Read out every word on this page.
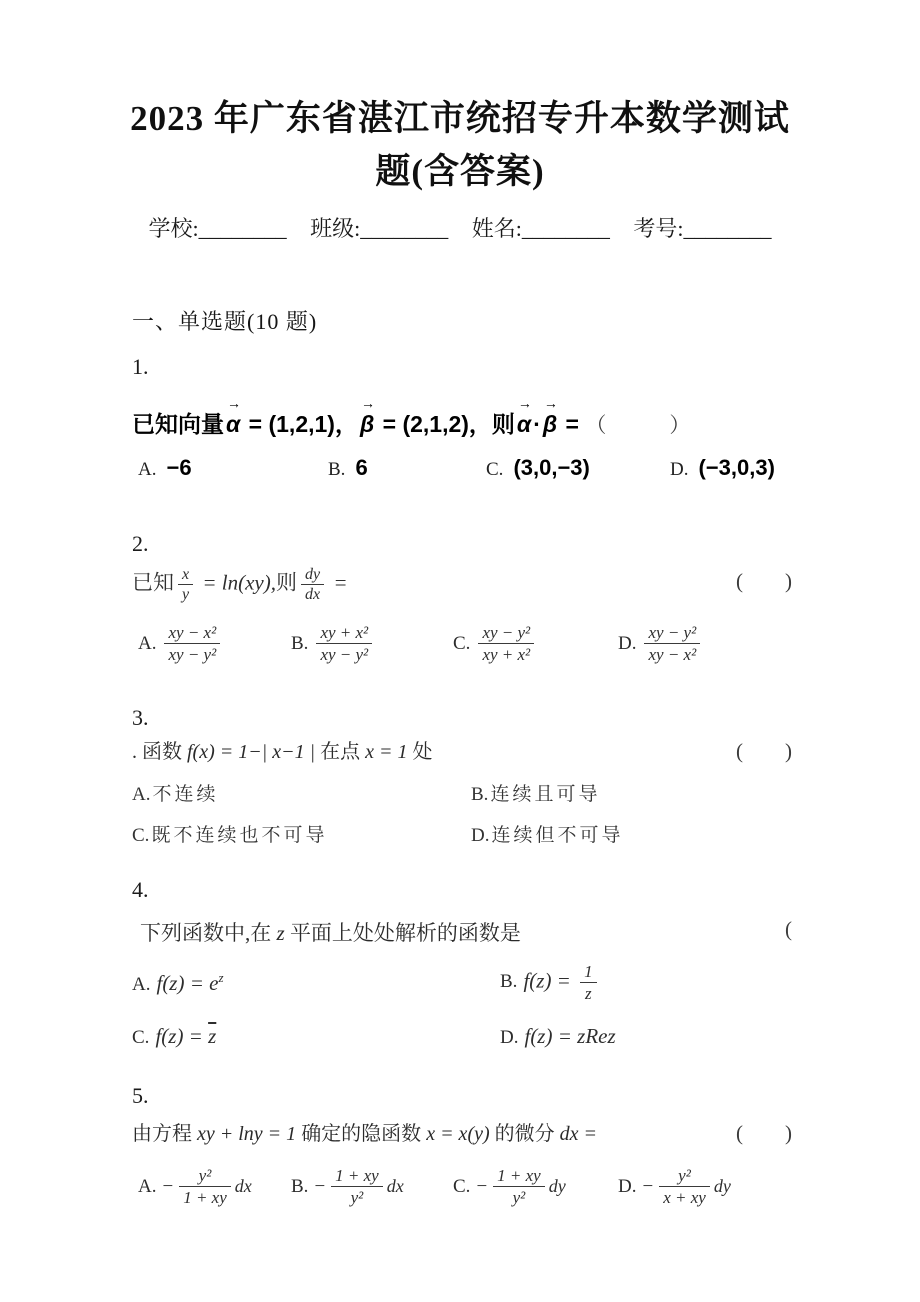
2023 年广东省湛江市统招专升本数学测试
题(含答案)
学校:________ 班级:________ 姓名:________ 考号:________
一、单选题(10 题)
1.
已知向量
→
α = (1,2,1)，
→
β = (2,1,2)，则
→
α·
→
β = （　　　）
A. −6	B. 6	C. (3,0,−3)	D. (−3,0,3)
2.
已知 $\frac{x}{y} = \ln(xy)$,则 $\frac{dy}{dx}$ =	(　　)
A. $\frac{\text{xy − x²}}{\text{xy − y²}}$	B. $\frac{\text{xy + x²}}{\text{xy − y²}}$	C. $\frac{\text{xy − y²}}{\text{xy + x²}}$	D. $\frac{\text{xy − y²}}{\text{xy − x²}}$
3.
. 函数 f(x) = 1−| x−1 | 在点 x = 1 处	(　　)
A. 不连续	B. 连续且可导
C. 既不连续也不可导	D. 连续但不可导
4.
下列函数中,在 z 平面上处处解析的函数是	(
A. $f(z) = e^z$	B. $f(z) = \frac{1}{z}$
C. $f(z) = \overline{z}$	D. f(z) = zRez
5.
由方程 xy + lny = 1 确定的隐函数 x = x(y) 的微分 dx =	(　　)
A. − $\frac{\text{y²}}{1 + xy}$ dx B. − $\frac{1 + xy}{\text{y²}}$ dx	C. − $\frac{1 + xy}{\text{y²}}$ dy	D. − $\frac{\text{y²}}{x + xy}$ dy
